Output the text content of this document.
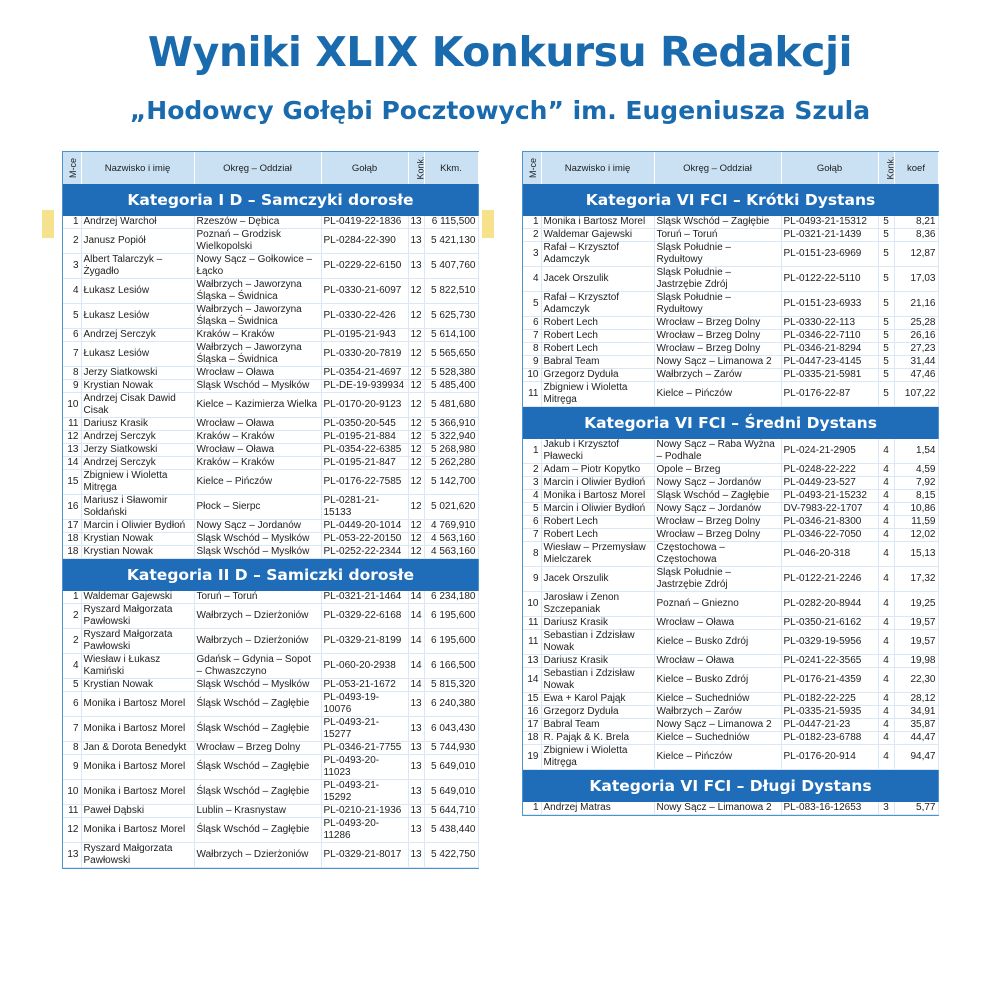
Wyniki XLIX Konkursu Redakcji
„Hodowcy Gołębi Pocztowych” im. Eugeniusza Szula
M-ce	Nazwisko i imię	Okręg – Oddział	Gołąb	Konk.	Kkm.
Kategoria I D – Samczyki dorosłe					
1	Andrzej Warchoł	Rzeszów – Dębica	PL-0419-22-1836	13	6 115,500
2	Janusz Popiół	Poznań – Grodzisk Wielkopolski	PL-0284-22-390	13	5 421,130
3	Albert Talarczyk – Żygadło	Nowy Sącz – Gołkowice – Łącko	PL-0229-22-6150	13	5 407,760
4	Łukasz Lesiów	Wałbrzych – Jaworzyna Śląska – Świdnica	PL-0330-21-6097	12	5 822,510
5	Łukasz Lesiów	Wałbrzych – Jaworzyna Śląska – Świdnica	PL-0330-22-426	12	5 625,730
6	Andrzej Serczyk	Kraków – Kraków	PL-0195-21-943	12	5 614,100
7	Łukasz Lesiów	Wałbrzych – Jaworzyna Śląska – Świdnica	PL-0330-20-7819	12	5 565,650
8	Jerzy Siatkowski	Wrocław – Oława	PL-0354-21-4697	12	5 528,380
9	Krystian Nowak	Śląsk Wschód – Mysłków	PL-DE-19-939934	12	5 485,400
10	Andrzej Cisak Dawid Cisak	Kielce – Kazimierza Wielka	PL-0170-20-9123	12	5 481,680
11	Dariusz Krasik	Wrocław – Oława	PL-0350-20-545	12	5 366,910
12	Andrzej Serczyk	Kraków – Kraków	PL-0195-21-884	12	5 322,940
13	Jerzy Siatkowski	Wrocław – Oława	PL-0354-22-6385	12	5 268,980
14	Andrzej Serczyk	Kraków – Kraków	PL-0195-21-847	12	5 262,280
15	Zbigniew i Wioletta Mitręga	Kielce – Pińczów	PL-0176-22-7585	12	5 142,700
16	Mariusz i Sławomir Sołdański	Płock – Sierpc	PL-0281-21-15133	12	5 021,620
17	Marcin i Oliwier Bydłoń	Nowy Sącz – Jordanów	PL-0449-20-1014	12	4 769,910
18	Krystian Nowak	Śląsk Wschód – Mysłków	PL-053-22-20150	12	4 563,160
18	Krystian Nowak	Śląsk Wschód – Mysłków	PL-0252-22-2344	12	4 563,160
Kategoria II D – Samiczki dorosłe					
1	Waldemar Gajewski	Toruń – Toruń	PL-0321-21-1464	14	6 234,180
2	Ryszard Małgorzata Pawłowski	Wałbrzych – Dzierżoniów	PL-0329-22-6168	14	6 195,600
2	Ryszard Małgorzata Pawłowski	Wałbrzych – Dzierżoniów	PL-0329-21-8199	14	6 195,600
4	Wiesław i Łukasz Kamiński	Gdańsk – Gdynia – Sopot – Chwaszczyno	PL-060-20-2938	14	6 166,500
5	Krystian Nowak	Śląsk Wschód – Mysłków	PL-053-21-1672	14	5 815,320
6	Monika i Bartosz Morel	Śląsk Wschód – Zagłębie	PL-0493-19-10076	13	6 240,380
7	Monika i Bartosz Morel	Śląsk Wschód – Zagłębie	PL-0493-21-15277	13	6 043,430
8	Jan & Dorota Benedykt	Wrocław – Brzeg Dolny	PL-0346-21-7755	13	5 744,930
9	Monika i Bartosz Morel	Śląsk Wschód – Zagłębie	PL-0493-20-11023	13	5 649,010
10	Monika i Bartosz Morel	Śląsk Wschód – Zagłębie	PL-0493-21-15292	13	5 649,010
11	Paweł Dąbski	Lublin – Krasnystaw	PL-0210-21-1936	13	5 644,710
12	Monika i Bartosz Morel	Śląsk Wschód – Zagłębie	PL-0493-20-11286	13	5 438,440
13	Ryszard Małgorzata Pawłowski	Wałbrzych – Dzierżoniów	PL-0329-21-8017	13	5 422,750
M-ce	Nazwisko i imię	Okręg – Oddział	Gołąb	Konk.	koef
Kategoria VI FCI – Krótki Dystans					
1	Monika i Bartosz Morel	Śląsk Wschód – Zagłębie	PL-0493-21-15312	5	8,21
2	Waldemar Gajewski	Toruń – Toruń	PL-0321-21-1439	5	8,36
3	Rafał – Krzysztof Adamczyk	Śląsk Południe – Rydułtowy	PL-0151-23-6969	5	12,87
4	Jacek Orszulik	Śląsk Południe – Jastrzębie Zdrój	PL-0122-22-5110	5	17,03
5	Rafał – Krzysztof Adamczyk	Śląsk Południe – Rydułtowy	PL-0151-23-6933	5	21,16
6	Robert Lech	Wrocław – Brzeg Dolny	PL-0330-22-113	5	25,28
7	Robert Lech	Wrocław – Brzeg Dolny	PL-0346-22-7110	5	26,16
8	Robert Lech	Wrocław – Brzeg Dolny	PL-0346-21-8294	5	27,23
9	Babral Team	Nowy Sącz – Limanowa 2	PL-0447-23-4145	5	31,44
10	Grzegorz Dyduła	Wałbrzych – Żarów	PL-0335-21-5981	5	47,46
11	Zbigniew i Wioletta Mitręga	Kielce – Pińczów	PL-0176-22-87	5	107,22
Kategoria VI FCI – Średni Dystans					
1	Jakub i Krzysztof Pławecki	Nowy Sącz – Raba Wyżna – Podhale	PL-024-21-2905	4	1,54
2	Adam – Piotr Kopytko	Opole – Brzeg	PL-0248-22-222	4	4,59
3	Marcin i Oliwier Bydłoń	Nowy Sącz – Jordanów	PL-0449-23-527	4	7,92
4	Monika i Bartosz Morel	Śląsk Wschód – Zagłębie	PL-0493-21-15232	4	8,15
5	Marcin i Oliwier Bydłoń	Nowy Sącz – Jordanów	DV-7983-22-1707	4	10,86
6	Robert Lech	Wrocław – Brzeg Dolny	PL-0346-21-8300	4	11,59
7	Robert Lech	Wrocław – Brzeg Dolny	PL-0346-22-7050	4	12,02
8	Wiesław – Przemysław Mielczarek	Częstochowa – Częstochowa	PL-046-20-318	4	15,13
9	Jacek Orszulik	Śląsk Południe – Jastrzębie Zdrój	PL-0122-21-2246	4	17,32
10	Jarosław i Zenon Szczepaniak	Poznań – Gniezno	PL-0282-20-8944	4	19,25
11	Dariusz Krasik	Wrocław – Oława	PL-0350-21-6162	4	19,57
11	Sebastian i Zdzisław Nowak	Kielce – Busko Zdrój	PL-0329-19-5956	4	19,57
13	Dariusz Krasik	Wrocław – Oława	PL-0241-22-3565	4	19,98
14	Sebastian i Zdzisław Nowak	Kielce – Busko Zdrój	PL-0176-21-4359	4	22,30
15	Ewa + Karol Pająk	Kielce – Suchedniów	PL-0182-22-225	4	28,12
16	Grzegorz Dyduła	Wałbrzych – Żarów	PL-0335-21-5935	4	34,91
17	Babral Team	Nowy Sącz – Limanowa 2	PL-0447-21-23	4	35,87
18	R. Pająk & K. Brela	Kielce – Suchedniów	PL-0182-23-6788	4	44,47
19	Zbigniew i Wioletta Mitręga	Kielce – Pińczów	PL-0176-20-914	4	94,47
Kategoria VI FCI – Długi Dystans					
1	Andrzej Matras	Nowy Sącz – Limanowa 2	PL-083-16-12653	3	5,77
